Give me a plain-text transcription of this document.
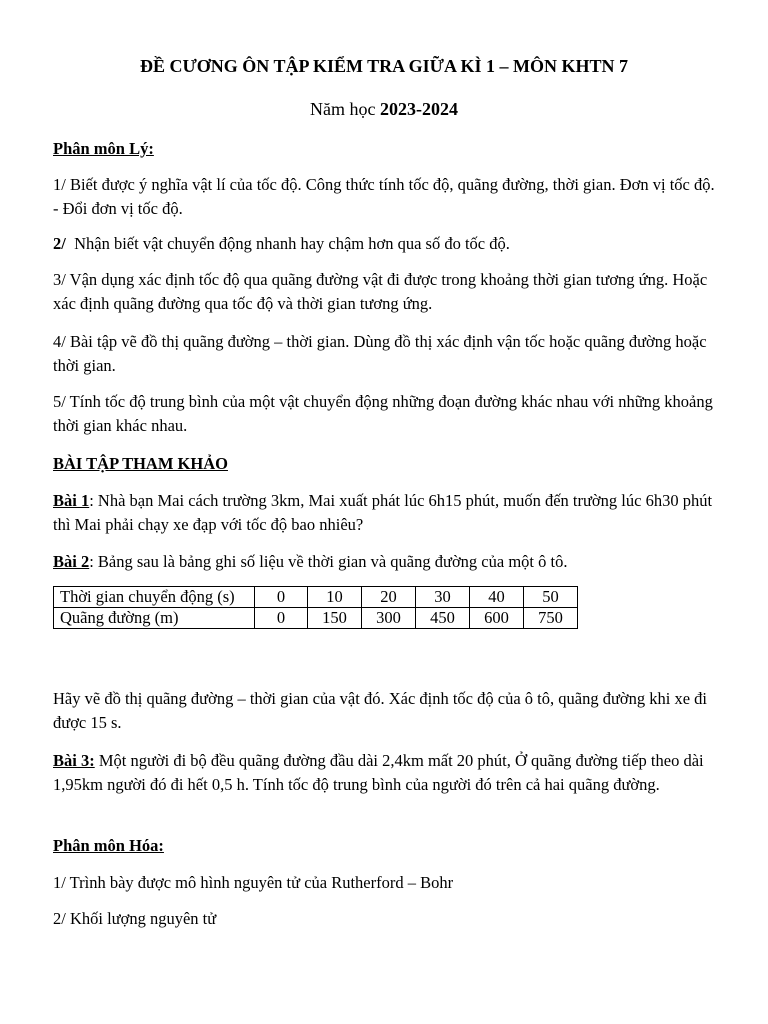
ĐỀ CƯƠNG ÔN TẬP KIỂM TRA GIỮA KÌ 1 – MÔN KHTN 7
Năm học 2023-2024
Phân môn Lý:
1/ Biết được ý nghĩa vật lí của tốc độ. Công thức tính tốc độ, quãng đường, thời gian. Đơn vị tốc độ. - Đổi đơn vị tốc độ.
2/ Nhận biết vật chuyển động nhanh hay chậm hơn qua số đo tốc độ.
3/ Vận dụng xác định tốc độ qua quãng đường vật đi được trong khoảng thời gian tương ứng. Hoặc xác định quãng đường qua tốc độ và thời gian tương ứng.
4/ Bài tập vẽ đồ thị quãng đường – thời gian. Dùng đồ thị xác định vận tốc hoặc quãng đường hoặc thời gian.
5/ Tính tốc độ trung bình của một vật chuyển động những đoạn đường khác nhau với những khoảng thời gian khác nhau.
BÀI TẬP THAM KHẢO
Bài 1: Nhà bạn Mai cách trường 3km, Mai xuất phát lúc 6h15 phút, muốn đến trường lúc 6h30 phút thì Mai phải chạy xe đạp với tốc độ bao nhiêu?
Bài 2: Bảng sau là bảng ghi số liệu về thời gian và quãng đường của một ô tô.
Thời gian chuyển động (s)	0	10	20	30	40	50
Quãng đường (m)	0	150	300	450	600	750
Hãy vẽ đồ thị quãng đường – thời gian của vật đó. Xác định tốc độ của ô tô, quãng đường khi xe đi được 15 s.
Bài 3: Một người đi bộ đều quãng đường đầu dài 2,4km mất 20 phút, Ở quãng đường tiếp theo dài 1,95km người đó đi hết 0,5 h. Tính tốc độ trung bình của người đó trên cả hai quãng đường.
Phân môn Hóa:
1/ Trình bày được mô hình nguyên tử của Rutherford – Bohr
2/ Khối lượng nguyên tử
